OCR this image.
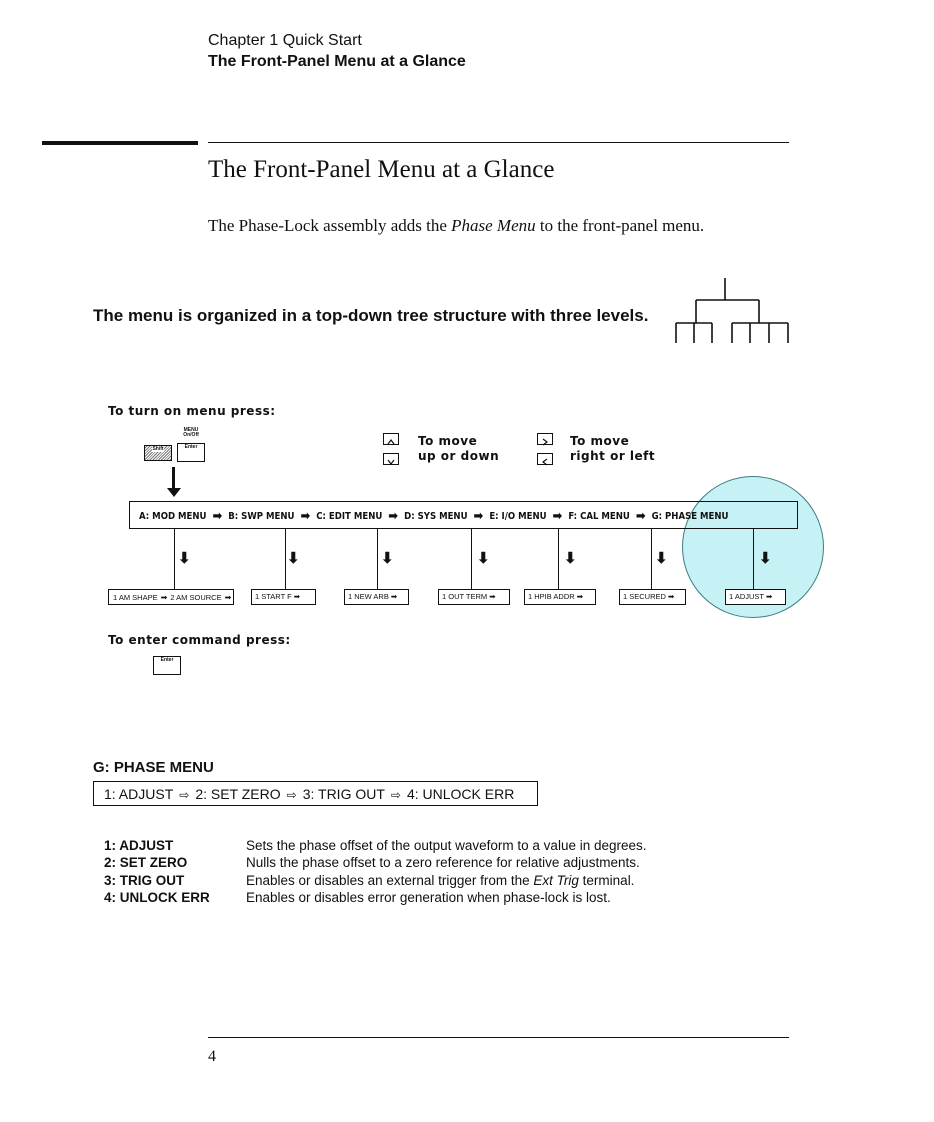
Chapter 1 Quick Start
The Front-Panel Menu at a Glance
The Front-Panel Menu at a Glance
The Phase-Lock assembly adds the Phase Menu to the front-panel menu.
The menu is organized in a top-down tree structure with three levels.
To turn on menu press:
MENU On/Off
Shift	Enter	To move
up or down
To move
right or left
A: MOD MENU ➡ B: SWP MENU ➡ C: EDIT MENU ➡ D: SYS MENU ➡ E: I/O MENU ➡ F: CAL MENU ➡ G: PHASE MENU
⬇	⬇	⬇	⬇	⬇	⬇	⬇
1 AM SHAPE ➡ 2 AM SOURCE ➡	1 START F ➡	1 NEW ARB ➡	1 OUT TERM ➡	1 HPIB ADDR ➡	1 SECURED ➡	1 ADJUST ➡
To enter command press:
Enter
G: PHASE MENU
1: ADJUST ⇨ 2: SET ZERO ⇨ 3: TRIG OUT ⇨ 4: UNLOCK ERR
1: ADJUST	Sets the phase offset of the output waveform to a value in degrees.
2: SET ZERO	Nulls the phase offset to a zero reference for relative adjustments.
3: TRIG OUT	Enables or disables an external trigger from the Ext Trig terminal.
4: UNLOCK ERR	Enables or disables error generation when phase-lock is lost.
4
